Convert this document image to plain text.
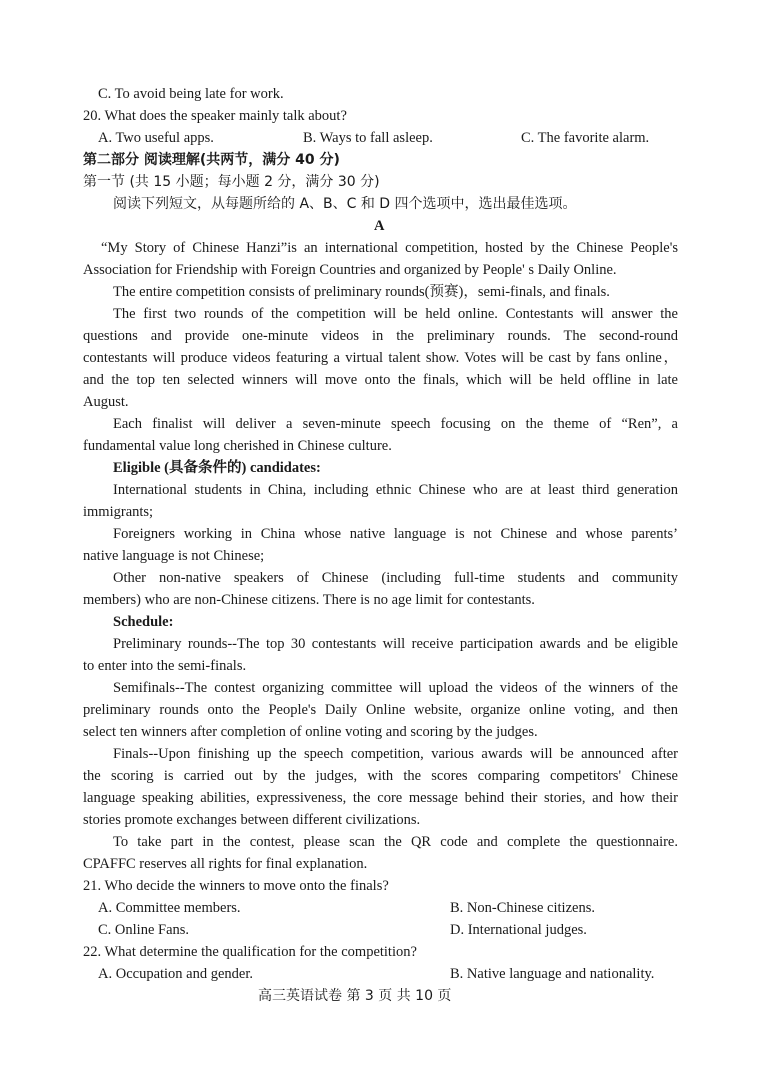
C. To avoid being late for work.
20. What does the speaker mainly talk about?
A. Two useful apps.	B. Ways to fall asleep.	C. The favorite alarm.
第二部分 阅读理解(共两节，满分 40 分)
第一节 (共 15 小题；每小题 2 分，满分 30 分)
阅读下列短文，从每题所给的 A、B、C 和 D 四个选项中，选出最佳选项。
A
“My Story of Chinese Hanzi”is an international competition, hosted by the Chinese People's
Association for Friendship with Foreign Countries and organized by People' s Daily Online.
The entire competition consists of preliminary rounds(预赛)，semi-finals, and finals.
The first two rounds of the competition will be held online. Contestants will answer the
questions and provide one-minute videos in the preliminary rounds. The second-round
contestants will produce videos featuring a virtual talent show. Votes will be cast by fans online，
and the top ten selected winners will move onto the finals, which will be held offline in late
August.
Each finalist will deliver a seven-minute speech focusing on the theme of “Ren”, a
fundamental value long cherished in Chinese culture.
Eligible (具备条件的) candidates:
International students in China, including ethnic Chinese who are at least third generation
immigrants;
Foreigners working in China whose native language is not Chinese and whose parents’
native language is not Chinese;
Other non-native speakers of Chinese (including full-time students and community
members) who are non-Chinese citizens. There is no age limit for contestants.
Schedule:
Preliminary rounds--The top 30 contestants will receive participation awards and be eligible
to enter into the semi-finals.
Semifinals--The contest organizing committee will upload the videos of the winners of the
preliminary rounds onto the People's Daily Online website, organize online voting, and then
select ten winners after completion of online voting and scoring by the judges.
Finals--Upon finishing up the speech competition, various awards will be announced after
the scoring is carried out by the judges, with the scores comparing competitors' Chinese
language speaking abilities, expressiveness, the core message behind their stories, and how their
stories promote exchanges between different civilizations.
To take part in the contest, please scan the QR code and complete the questionnaire.
CPAFFC reserves all rights for final explanation.
21. Who decide the winners to move onto the finals?
A. Committee members.	B. Non-Chinese citizens.
C. Online Fans.	D. International judges.
22. What determine the qualification for the competition?
A. Occupation and gender.	B. Native language and nationality.
高三英语试卷 第 3 页 共 10 页
